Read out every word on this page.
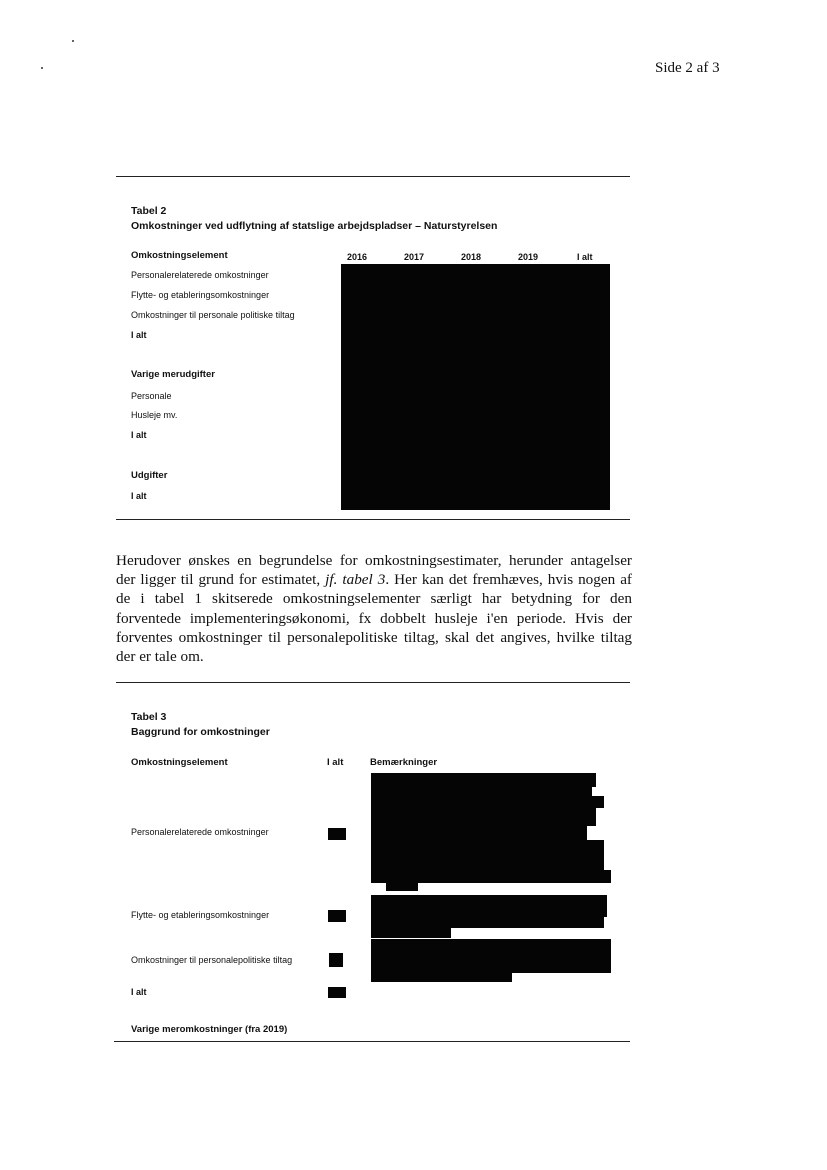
Side 2 af 3
Tabel 2
Omkostninger ved udflytning af statslige arbejdspladser – Naturstyrelsen
Omkostningselement	2016	2017	2018	2019	I alt
Personalerelaterede omkostninger
Flytte- og etableringsomkostninger
Omkostninger til personale politiske tiltag
I alt
Varige merudgifter
Personale
Husleje mv.
I alt
Udgifter
I alt
Herudover ønskes en begrundelse for omkostningsestimater, herunder antagelser
der ligger til grund for estimatet, jf. tabel 3. Her kan det fremhæves, hvis nogen af
de i tabel 1 skitserede omkostningselementer særligt har betydning for den
forventede implementeringsøkonomi, fx dobbelt husleje i'en periode. Hvis der
forventes omkostninger til personalepolitiske tiltag, skal det angives, hvilke tiltag
der er tale om.
Tabel 3
Baggrund for omkostninger
Omkostningselement	I alt	Bemærkninger
Personalerelaterede omkostninger
Flytte- og etableringsomkostninger
Omkostninger til personalepolitiske tiltag
I alt
Varige meromkostninger (fra 2019)
